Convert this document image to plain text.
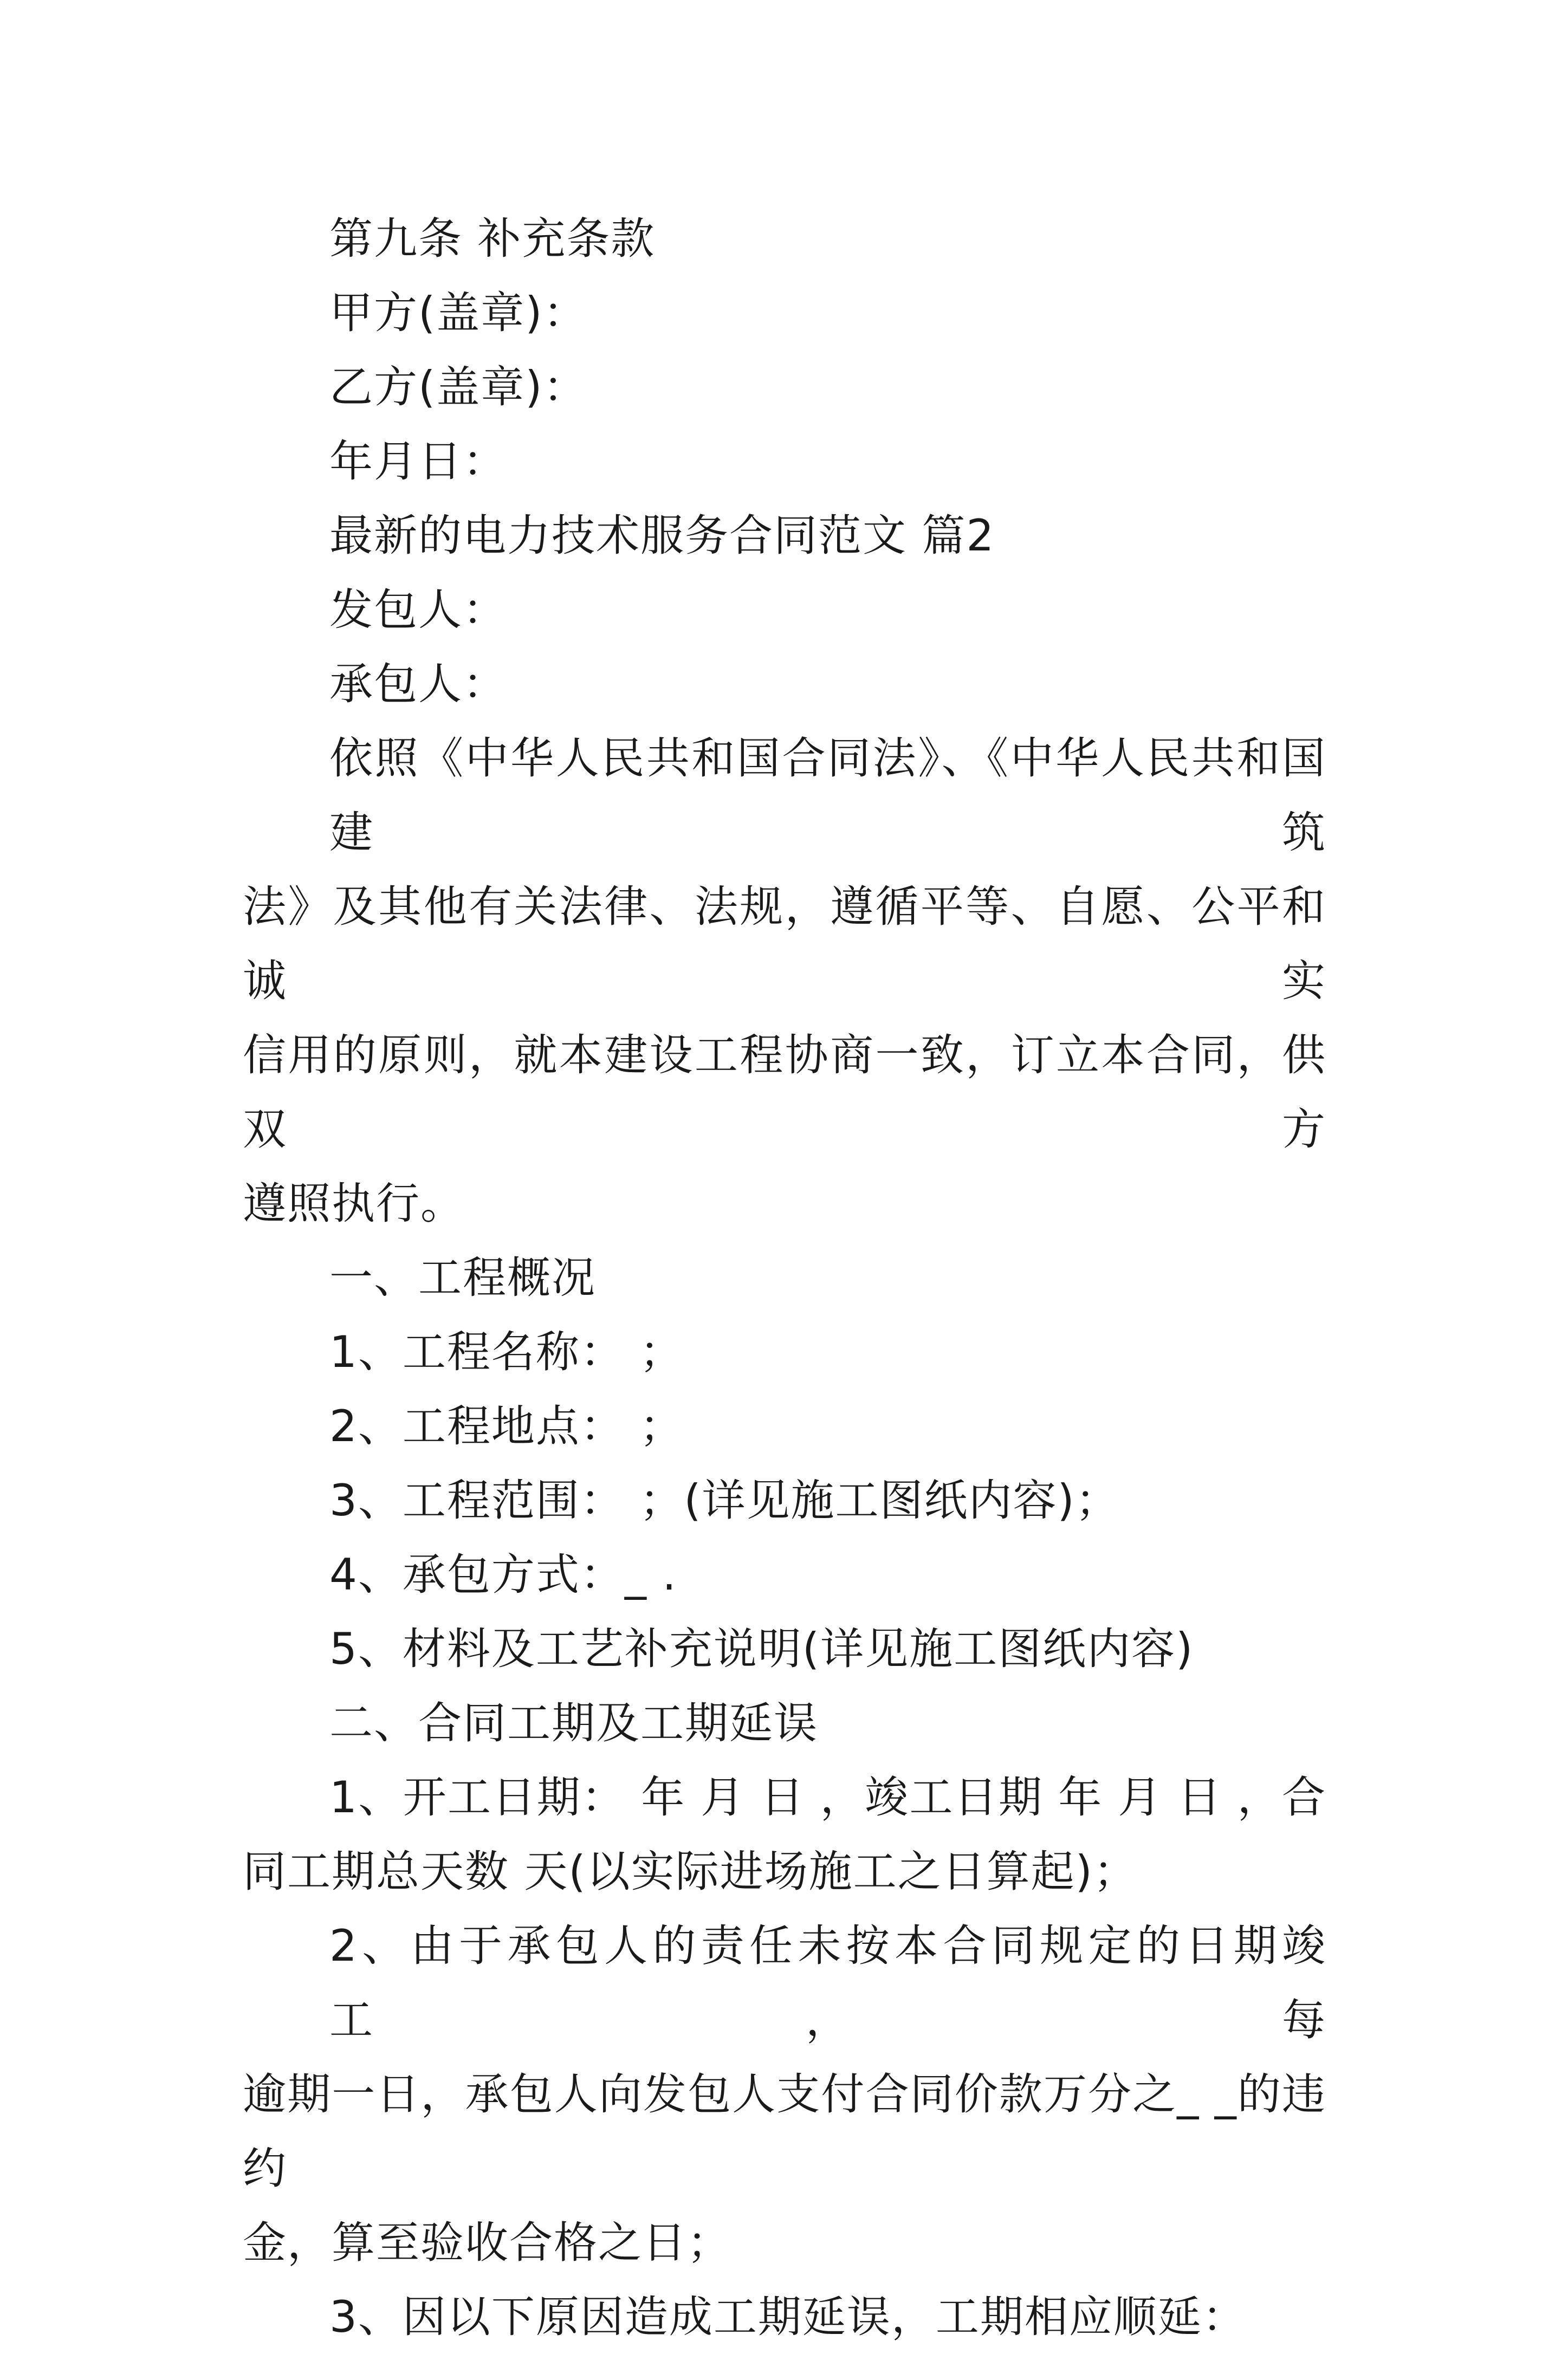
第九条 补充条款
甲方(盖章)：
乙方(盖章)：
年月日：
最新的电力技术服务合同范文 篇2
发包人：
承包人：
依照《中华人民共和国合同法》、《中华人民共和国建筑
法》及其他有关法律、法规，遵循平等、自愿、公平和诚实
信用的原则，就本建设工程协商一致，订立本合同，供双方
遵照执行。
一、工程概况
1、工程名称： ；
2、工程地点： ；
3、工程范围： ；(详见施工图纸内容)；
4、承包方式：_ .
5、材料及工艺补充说明(详见施工图纸内容)
二、合同工期及工期延误
1、开工日期： 年 月 日 ，竣工日期 年 月 日 ，合
同工期总天数 天(以实际进场施工之日算起)；
2、由于承包人的责任未按本合同规定的日期竣工，每
逾期一日，承包人向发包人支付合同价款万分之_ _的违约
金，算至验收合格之日；
3、因以下原因造成工期延误，工期相应顺延：
